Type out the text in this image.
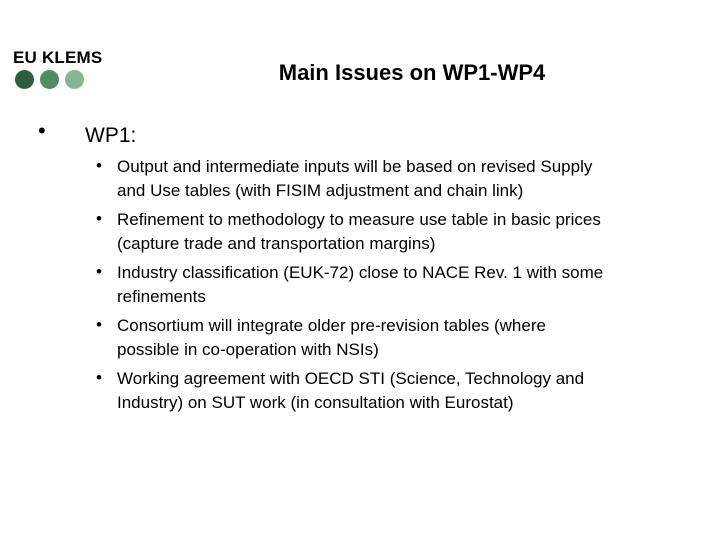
EU KLEMS
Main Issues on WP1-WP4
• WP1:
• Output and intermediate inputs will be based on revised Supply
and Use tables (with FISIM adjustment and chain link)
• Refinement to methodology to measure use table in basic prices
(capture trade and transportation margins)
• Industry classification (EUK-72) close to NACE Rev. 1 with some
refinements
• Consortium will integrate older pre-revision tables (where
possible in co-operation with NSIs)
• Working agreement with OECD STI (Science, Technology and
Industry) on SUT work (in consultation with Eurostat)
